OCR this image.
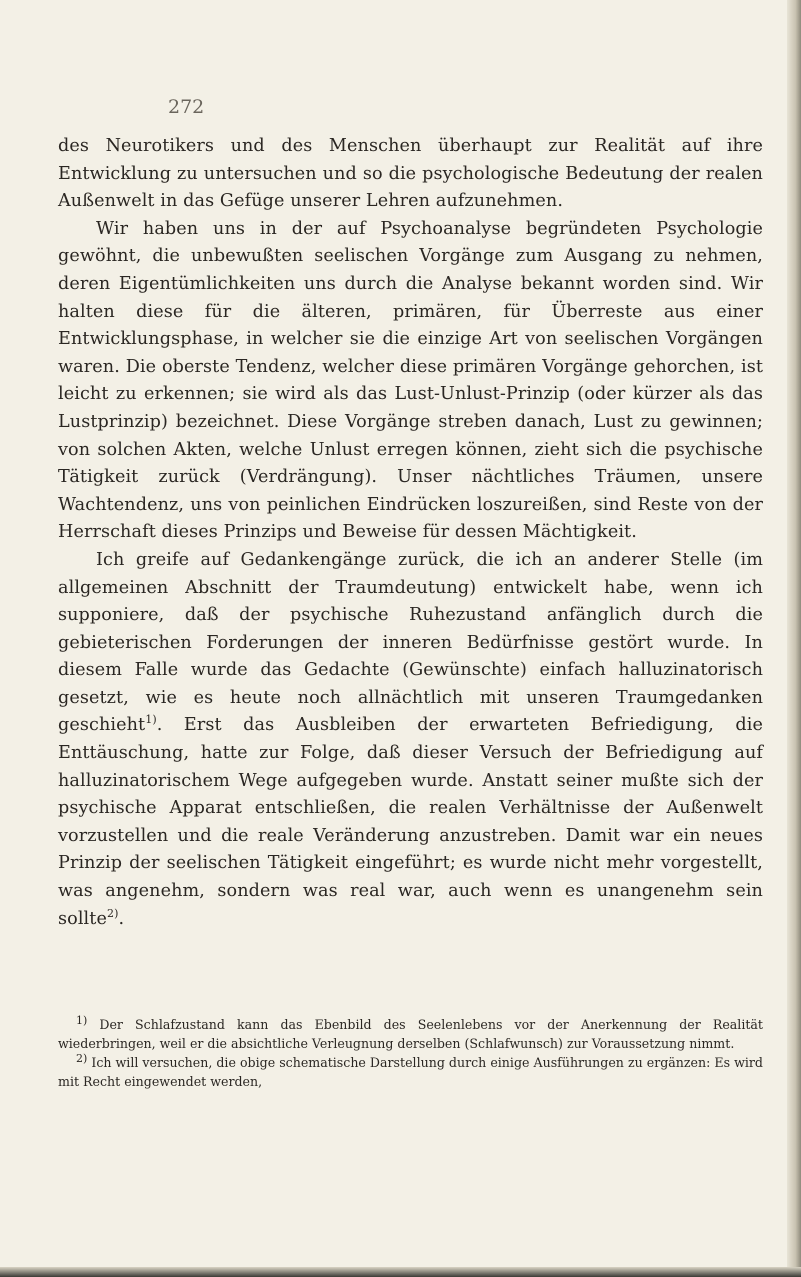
272

des Neurotikers und des Menschen überhaupt zur Realität auf ihre Entwicklung zu untersuchen und so die psychologische Bedeutung der realen Außenwelt in das Gefüge unserer Lehren aufzunehmen.

Wir haben uns in der auf Psychoanalyse begründeten Psychologie gewöhnt, die unbewußten seelischen Vorgänge zum Ausgang zu nehmen, deren Eigentümlichkeiten uns durch die Analyse bekannt worden sind. Wir halten diese für die älteren, primären, für Überreste aus einer Entwicklungsphase, in welcher sie die einzige Art von seelischen Vorgängen waren. Die oberste Tendenz, welcher diese primären Vorgänge gehorchen, ist leicht zu erkennen; sie wird als das Lust-Unlust-Prinzip (oder kürzer als das Lustprinzip) bezeichnet. Diese Vorgänge streben danach, Lust zu gewinnen; von solchen Akten, welche Unlust erregen können, zieht sich die psychische Tätigkeit zurück (Verdrängung). Unser nächtliches Träumen, unsere Wachtendenz, uns von peinlichen Eindrücken loszureißen, sind Reste von der Herrschaft dieses Prinzips und Beweise für dessen Mächtigkeit.

Ich greife auf Gedankengänge zurück, die ich an anderer Stelle (im allgemeinen Abschnitt der Traumdeutung) entwickelt habe, wenn ich supponiere, daß der psychische Ruhezustand anfänglich durch die gebieterischen Forderungen der inneren Bedürfnisse gestört wurde. In diesem Falle wurde das Gedachte (Gewünschte) einfach halluzinatorisch gesetzt, wie es heute noch allnächtlich mit unseren Traumgedanken geschieht$^{1)}$. Erst das Ausbleiben der erwarteten Befriedigung, die Enttäuschung, hatte zur Folge, daß dieser Versuch der Befriedigung auf halluzinatorischem Wege aufgegeben wurde. Anstatt seiner mußte sich der psychische Apparat entschließen, die realen Verhältnisse der Außenwelt vorzustellen und die reale Veränderung anzustreben. Damit war ein neues Prinzip der seelischen Tätigkeit eingeführt; es wurde nicht mehr vorgestellt, was angenehm, sondern was real war, auch wenn es unangenehm sein sollte$^{2)}$.

$^{1)}$ Der Schlafzustand kann das Ebenbild des Seelenlebens vor der Anerkennung der Realität wiederbringen, weil er die absichtliche Verleugnung derselben (Schlafwunsch) zur Voraussetzung nimmt.

$^{2)}$ Ich will versuchen, die obige schematische Darstellung durch einige Ausführungen zu ergänzen: Es wird mit Recht eingewendet werden,
